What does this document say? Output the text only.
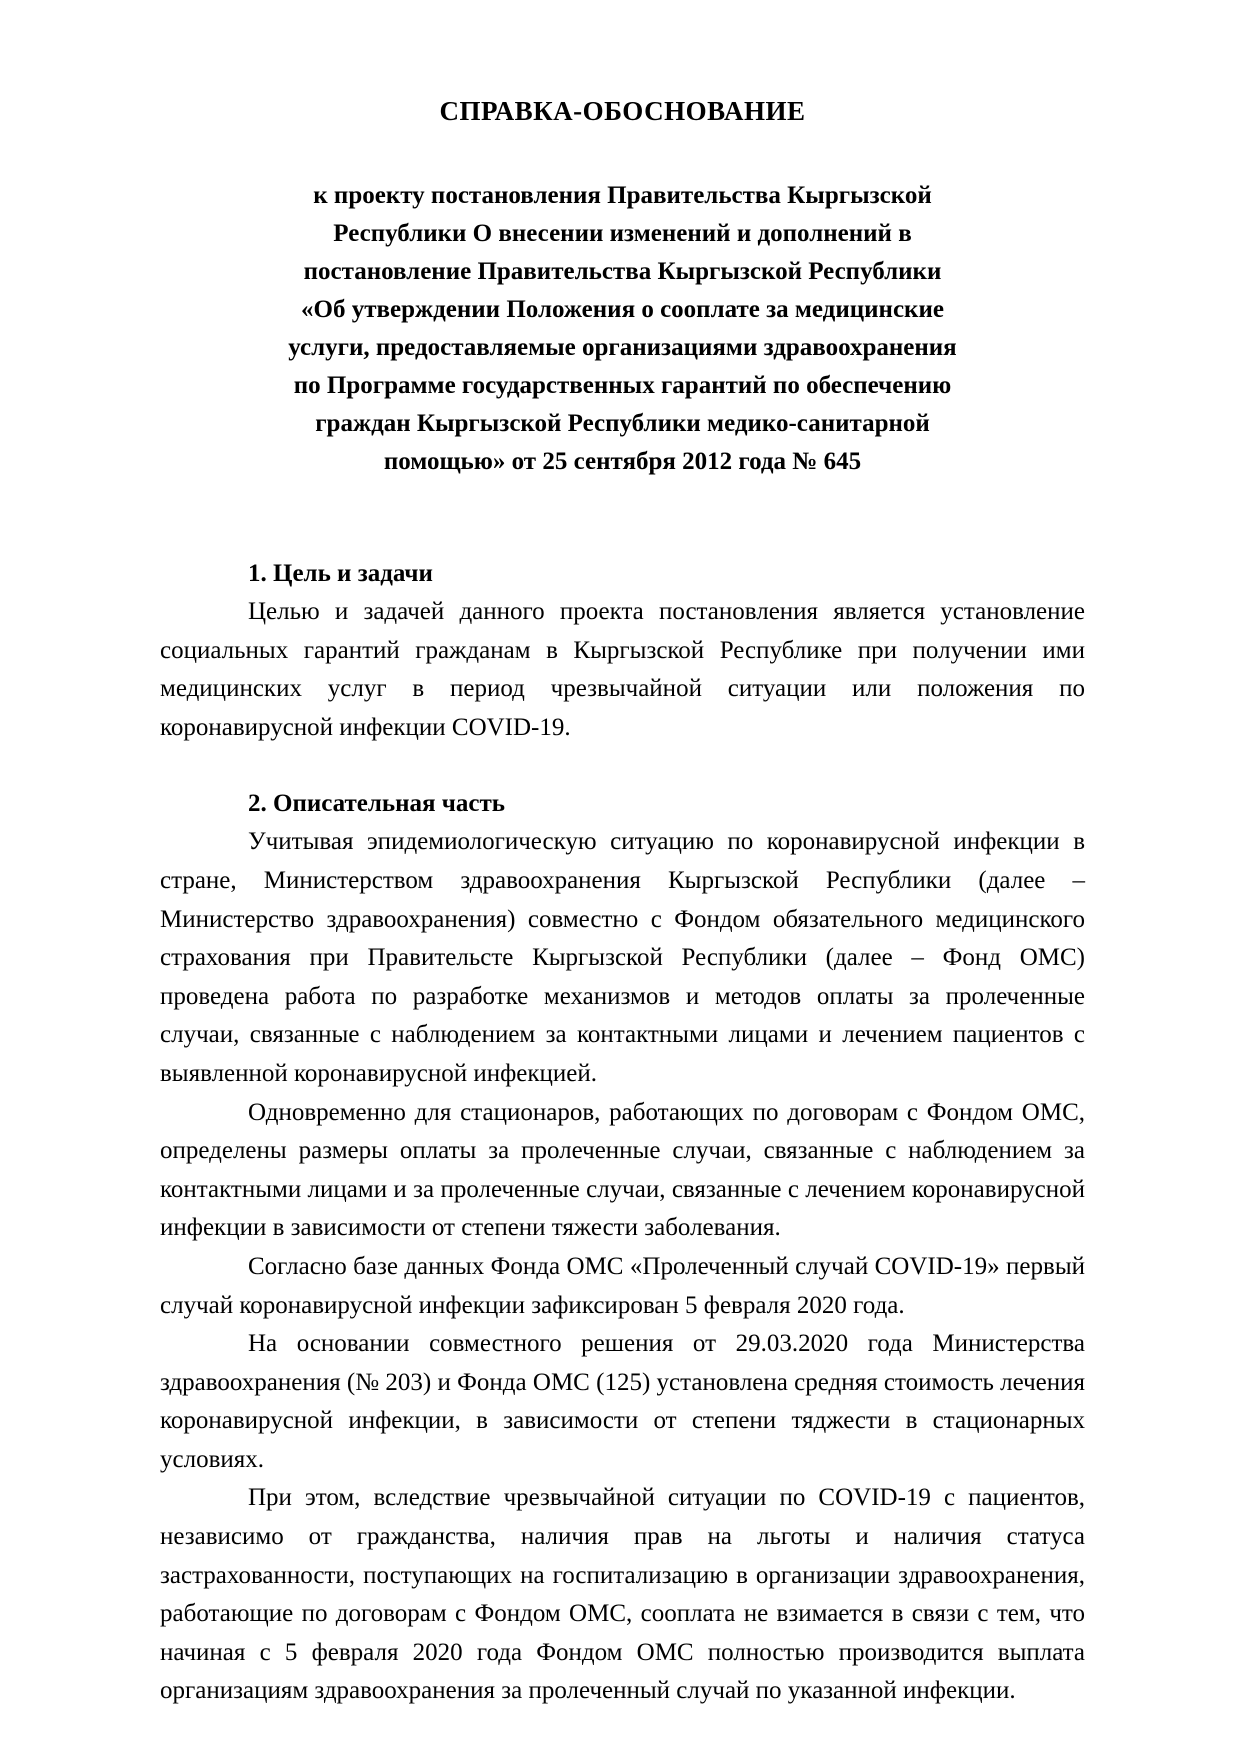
СПРАВКА-ОБОСНОВАНИЕ
к проекту постановления Правительства Кыргызской
Республики О внесении изменений и дополнений в
постановление Правительства Кыргызской Республики
«Об утверждении Положения о сооплате за медицинские
услуги, предоставляемые организациями здравоохранения
по Программе государственных гарантий по обеспечению
граждан Кыргызской Республики медико-санитарной
помощью» от 25 сентября 2012 года № 645
1. Цель и задачи

Целью и задачей данного проекта постановления является установление социальных гарантий гражданам в Кыргызской Республике при получении ими медицинских услуг в период чрезвычайной ситуации или положения по коронавирусной инфекции COVID-19.

2. Описательная часть

Учитывая эпидемиологическую ситуацию по коронавирусной инфекции в стране, Министерством здравоохранения Кыргызской Республики (далее – Министерство здравоохранения) совместно с Фондом обязательного медицинского страхования при Правительсте Кыргызской Республики (далее – Фонд ОМС) проведена работа по разработке механизмов и методов оплаты за пролеченные случаи, связанные с наблюдением за контактными лицами и лечением пациентов с выявленной коронавирусной инфекцией.

Одновременно для стационаров, работающих по договорам с Фондом ОМС, определены размеры оплаты за пролеченные случаи, связанные с наблюдением за контактными лицами и за пролеченные случаи, связанные с лечением коронавирусной инфекции в зависимости от степени тяжести заболевания.

Согласно базе данных Фонда ОМС «Пролеченный случай COVID-19» первый случай коронавирусной инфекции зафиксирован 5 февраля 2020 года.

На основании совместного решения от 29.03.2020 года Министерства здравоохранения (№ 203) и Фонда ОМС (125) установлена средняя стоимость лечения коронавирусной инфекции, в зависимости от степени тяджести в стационарных условиях.

При этом, вследствие чрезвычайной ситуации по COVID-19 с пациентов, независимо от гражданства, наличия прав на льготы и наличия статуса застрахованности, поступающих на госпитализацию в организации здравоохранения, работающие по договорам с Фондом ОМС, сооплата не взимается в связи с тем, что начиная с 5 февраля 2020 года Фондом ОМС полностью производится выплата организациям здравоохранения за пролеченный случай по указанной инфекции.
